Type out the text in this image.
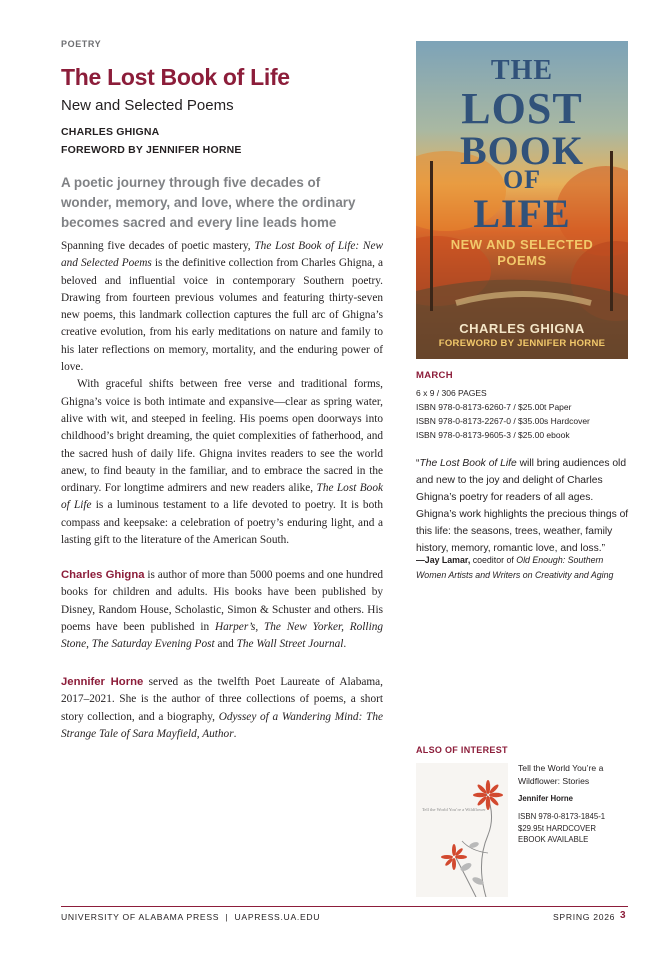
POETRY
The Lost Book of Life
New and Selected Poems
CHARLES GHIGNA
FOREWORD BY JENNIFER HORNE
A poetic journey through five decades of wonder, memory, and love, where the ordinary becomes sacred and every line leads home

Spanning five decades of poetic mastery, The Lost Book of Life: New and Selected Poems is the definitive collection from Charles Ghigna, a beloved and influential voice in contemporary Southern poetry. Drawing from fourteen previous volumes and featuring thirty-seven new poems, this landmark collection captures the full arc of Ghigna’s creative evolution, from his early meditations on nature and family to his later reflections on memory, mortality, and the enduring power of love.

With graceful shifts between free verse and traditional forms, Ghigna’s voice is both intimate and expansive—clear as spring water, alive with wit, and steeped in feeling. His poems open doorways into childhood’s bright dreaming, the quiet complexities of fatherhood, and the sacred hush of daily life. Ghigna invites readers to see the world anew, to find beauty in the familiar, and to embrace the sacred in the ordinary. For longtime admirers and new readers alike, The Lost Book of Life is a luminous testament to a life devoted to poetry. It is both compass and keepsake: a celebration of poetry’s enduring light, and a lasting gift to the literature of the American South.

Charles Ghigna is author of more than 5000 poems and one hundred books for children and adults. His books have been published by Disney, Random House, Scholastic, Simon & Schuster and others. His poems have been published in Harper’s, The New Yorker, Rolling Stone, The Saturday Evening Post and The Wall Street Journal.
Jennifer Horne served as the twelfth Poet Laureate of Alabama, 2017–2021. She is the author of three collections of poems, a short story collection, and a biography, Odyssey of a Wandering Mind: The Strange Tale of Sara Mayfield, Author.
THE
LOST
BOOK
OF
LIFE
NEW AND SELECTED
POEMS
CHARLES GHIGNA
FOREWORD BY JENNIFER HORNE
MARCH
6 x 9 / 306 PAGES
ISBN 978-0-8173-6260-7 / $25.00t Paper
ISBN 978-0-8173-2267-0 / $35.00s Hardcover
ISBN 978-0-8173-9605-3 / $25.00 ebook
“The Lost Book of Life will bring audiences old and new to the joy and delight of Charles Ghigna’s poetry for readers of all ages. Ghigna’s work highlights the precious things of this life: the seasons, trees, weather, family history, memory, romantic love, and loss.”
—Jay Lamar, coeditor of Old Enough: Southern Women Artists and Writers on Creativity and Aging
ALSO OF INTEREST
Tell the World You’re a Wildflower
Tell the World You’re a Wildflower: Stories
Jennifer Horne
ISBN 978-0-8173-1845-1
$29.95t HARDCOVER
EBOOK AVAILABLE
UNIVERSITY OF ALABAMA PRESS  |  UAPRESS.UA.EDU	SPRING 2026 3
